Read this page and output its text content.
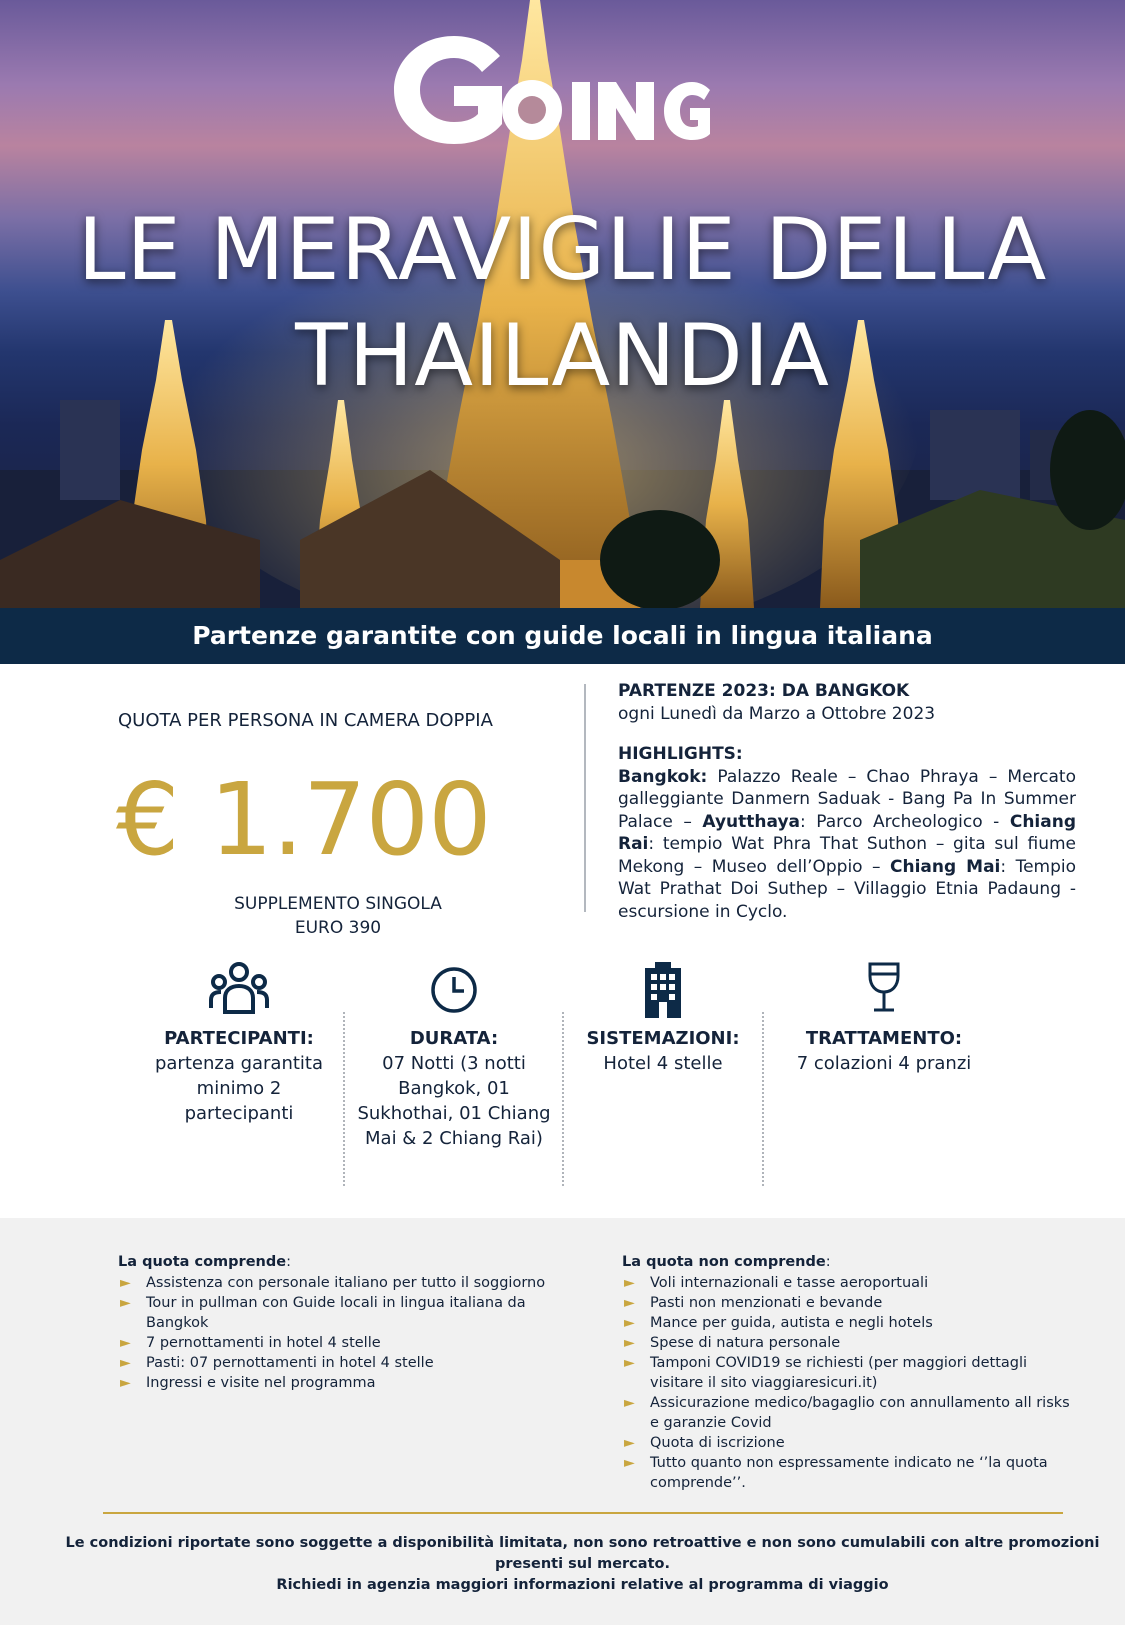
LE MERAVIGLIE DELLA
THAILANDIA
Partenze garantite con guide locali in lingua italiana
QUOTA PER PERSONA IN CAMERA DOPPIA
€ 1.700
SUPPLEMENTO SINGOLA
EURO 390
PARTENZE 2023: DA BANGKOK
ogni Lunedì da Marzo a Ottobre 2023
HIGHLIGHTS:

Bangkok: Palazzo Reale – Chao Phraya – Mercato galleggiante Danmern Saduak - Bang Pa In Summer Palace – Ayutthaya: Parco Archeologico - Chiang Rai: tempio Wat Phra That Suthon – gita sul fiume Mekong – Museo dell’Oppio – Chiang Mai: Tempio Wat Prathat Doi Suthep – Villaggio Etnia Padaung - escursione in Cyclo.

PARTECIPANTI:
partenza garantita minimo 2 partecipanti
DURATA:
07 Notti (3 notti Bangkok, 01 Sukhothai, 01 Chiang Mai & 2 Chiang Rai)
SISTEMAZIONI:
Hotel 4 stelle
TRATTAMENTO:
7 colazioni 4 pranzi
La quota comprende:
► Assistenza con personale italiano per tutto il soggiorno
► Tour in pullman con Guide locali in lingua italiana da Bangkok
► 7 pernottamenti in hotel 4 stelle
► Pasti: 07 pernottamenti in hotel 4 stelle
► Ingressi e visite nel programma
La quota non comprende:
► Voli internazionali e tasse aeroportuali
► Pasti non menzionati e bevande
► Mance per guida, autista e negli hotels
► Spese di natura personale
► Tamponi COVID19 se richiesti (per maggiori dettagli visitare il sito viaggiaresicuri.it)
► Assicurazione medico/bagaglio con annullamento all risks e garanzie Covid
► Quota di iscrizione
► Tutto quanto non espressamente indicato ne ‘’la quota comprende’’.
Le condizioni riportate sono soggette a disponibilità limitata, non sono retroattive e non sono cumulabili con altre promozioni presenti sul mercato.
Richiedi in agenzia maggiori informazioni relative al programma di viaggio
